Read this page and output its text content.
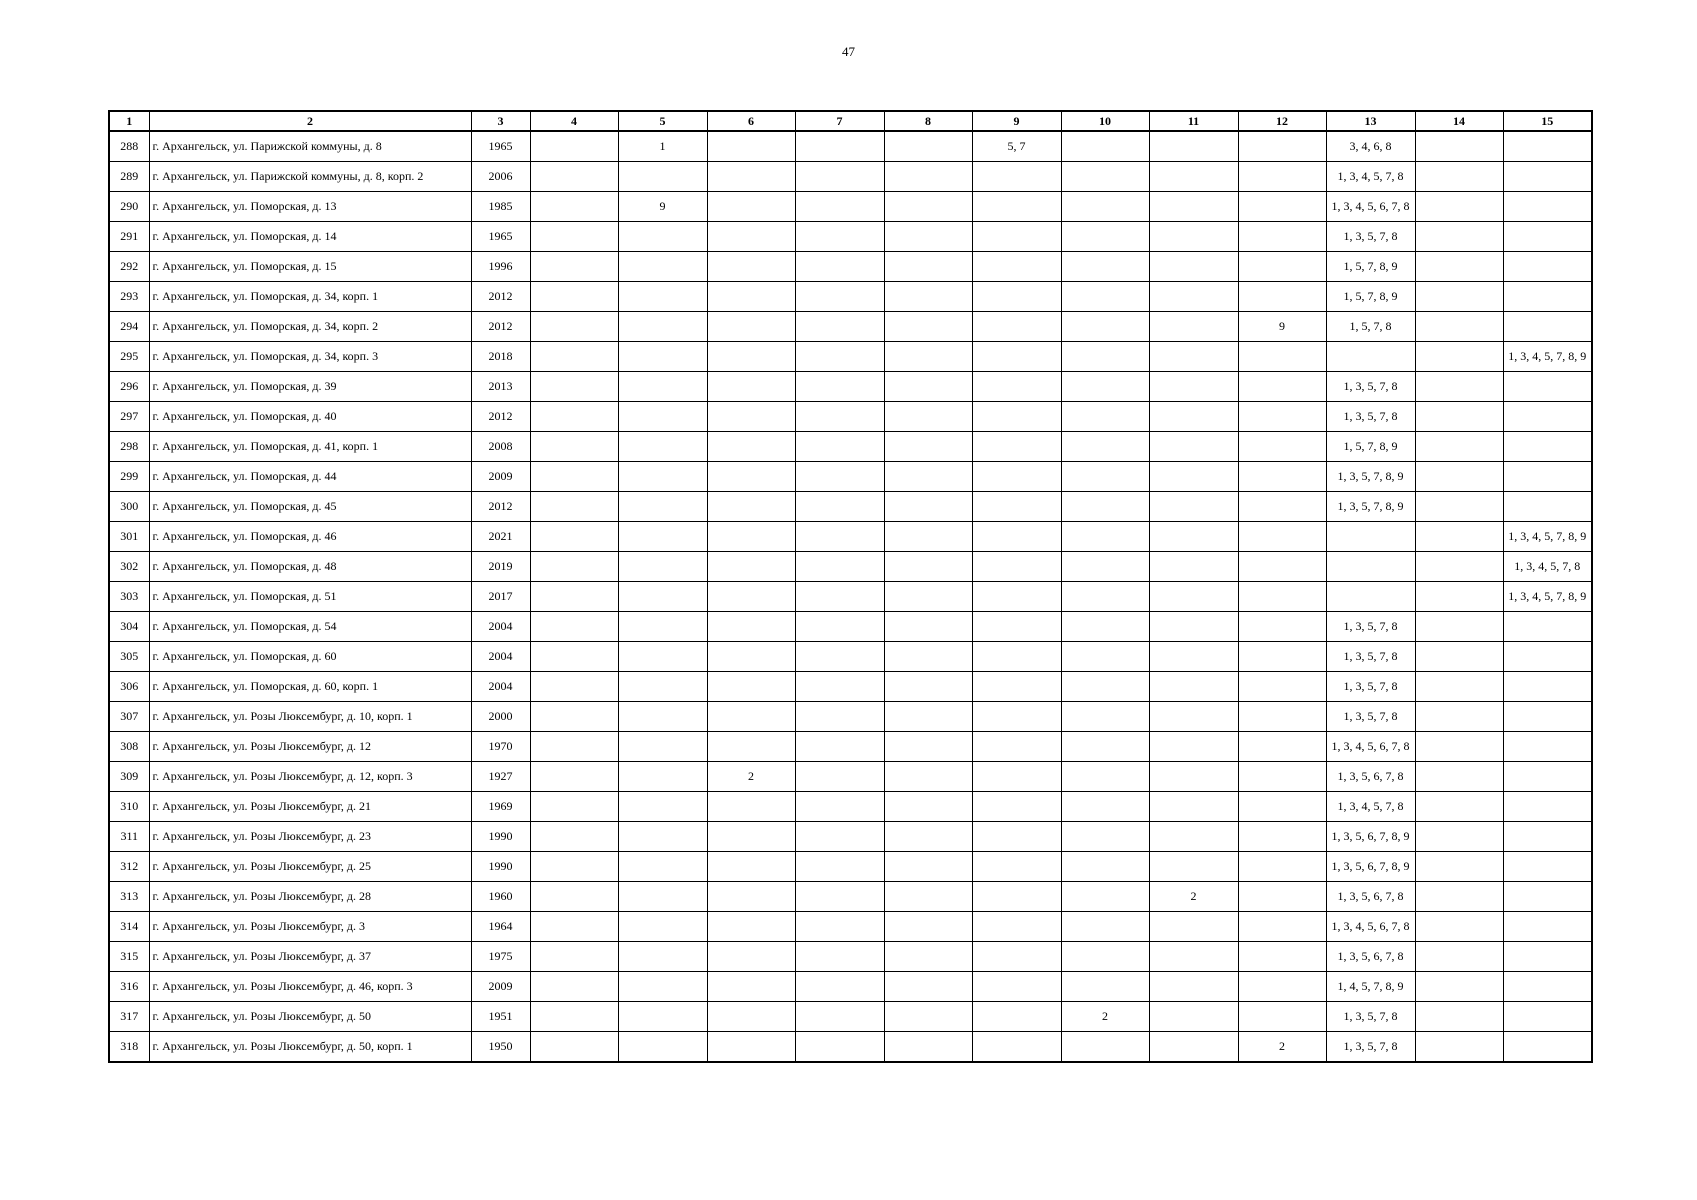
47
1	2	3	4	5	6	7	8	9	10	11	12	13	14	15
288	г. Архангельск, ул. Парижской коммуны, д. 8	1965		1				5, 7				3, 4, 6, 8		
289	г. Архангельск, ул. Парижской коммуны, д. 8, корп. 2	2006										1, 3, 4, 5, 7, 8		
290	г. Архангельск, ул. Поморская, д. 13	1985		9								1, 3, 4, 5, 6, 7, 8		
291	г. Архангельск, ул. Поморская, д. 14	1965										1, 3, 5, 7, 8		
292	г. Архангельск, ул. Поморская, д. 15	1996										1, 5, 7, 8, 9		
293	г. Архангельск, ул. Поморская, д. 34, корп. 1	2012										1, 5, 7, 8, 9		
294	г. Архангельск, ул. Поморская, д. 34, корп. 2	2012									9	1, 5, 7, 8		
295	г. Архангельск, ул. Поморская, д. 34, корп. 3	2018												1, 3, 4, 5, 7, 8, 9
296	г. Архангельск, ул. Поморская, д. 39	2013										1, 3, 5, 7, 8		
297	г. Архангельск, ул. Поморская, д. 40	2012										1, 3, 5, 7, 8		
298	г. Архангельск, ул. Поморская, д. 41, корп. 1	2008										1, 5, 7, 8, 9		
299	г. Архангельск, ул. Поморская, д. 44	2009										1, 3, 5, 7, 8, 9		
300	г. Архангельск, ул. Поморская, д. 45	2012										1, 3, 5, 7, 8, 9		
301	г. Архангельск, ул. Поморская, д. 46	2021												1, 3, 4, 5, 7, 8, 9
302	г. Архангельск, ул. Поморская, д. 48	2019												1, 3, 4, 5, 7, 8
303	г. Архангельск, ул. Поморская, д. 51	2017												1, 3, 4, 5, 7, 8, 9
304	г. Архангельск, ул. Поморская, д. 54	2004										1, 3, 5, 7, 8		
305	г. Архангельск, ул. Поморская, д. 60	2004										1, 3, 5, 7, 8		
306	г. Архангельск, ул. Поморская, д. 60, корп. 1	2004										1, 3, 5, 7, 8		
307	г. Архангельск, ул. Розы Люксембург, д. 10, корп. 1	2000										1, 3, 5, 7, 8		
308	г. Архангельск, ул. Розы Люксембург, д. 12	1970										1, 3, 4, 5, 6, 7, 8		
309	г. Архангельск, ул. Розы Люксембург, д. 12, корп. 3	1927			2							1, 3, 5, 6, 7, 8		
310	г. Архангельск, ул. Розы Люксембург, д. 21	1969										1, 3, 4, 5, 7, 8		
311	г. Архангельск, ул. Розы Люксембург, д. 23	1990										1, 3, 5, 6, 7, 8, 9		
312	г. Архангельск, ул. Розы Люксембург, д. 25	1990										1, 3, 5, 6, 7, 8, 9		
313	г. Архангельск, ул. Розы Люксембург, д. 28	1960								2		1, 3, 5, 6, 7, 8		
314	г. Архангельск, ул. Розы Люксембург, д. 3	1964										1, 3, 4, 5, 6, 7, 8		
315	г. Архангельск, ул. Розы Люксембург, д. 37	1975										1, 3, 5, 6, 7, 8		
316	г. Архангельск, ул. Розы Люксембург, д. 46, корп. 3	2009										1, 4, 5, 7, 8, 9		
317	г. Архангельск, ул. Розы Люксембург, д. 50	1951							2			1, 3, 5, 7, 8		
318	г. Архангельск, ул. Розы Люксембург, д. 50, корп. 1	1950									2	1, 3, 5, 7, 8		
